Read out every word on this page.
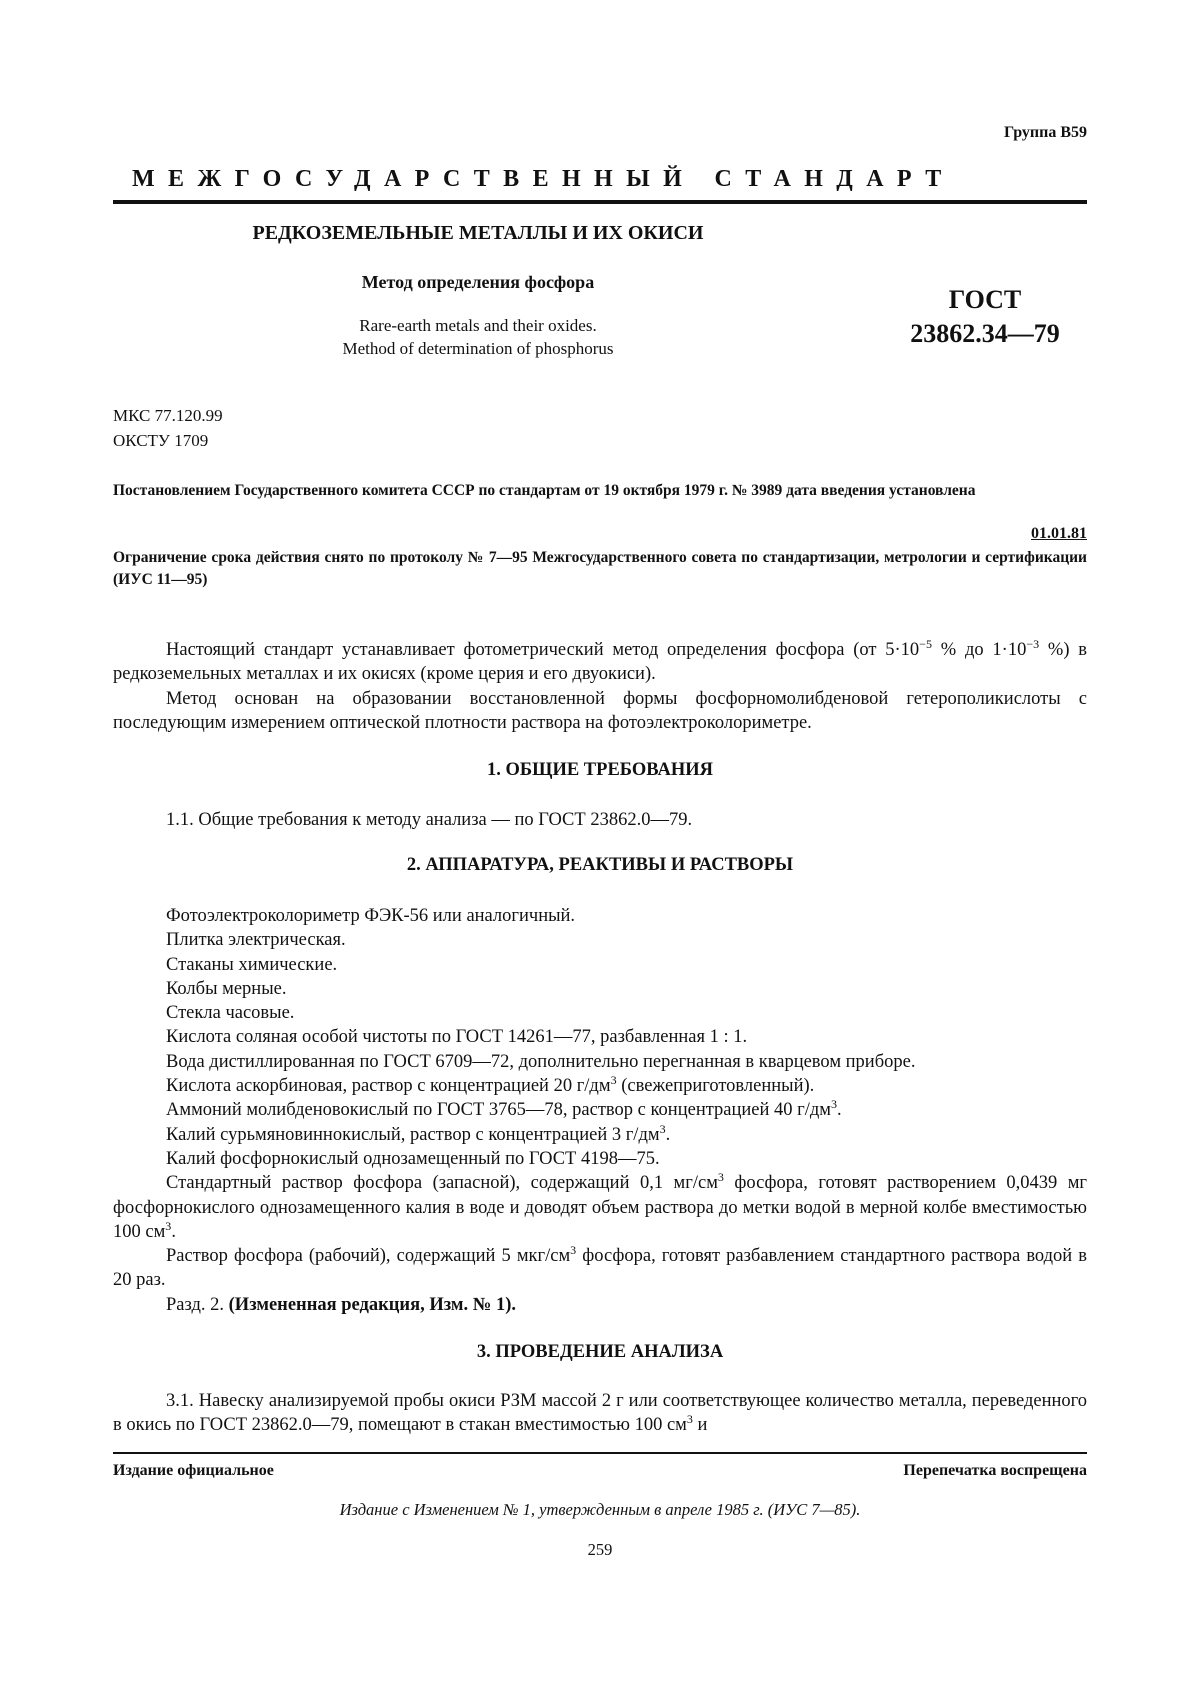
Группа В59
МЕЖГОСУДАРСТВЕННЫЙ СТАНДАРТ
РЕДКОЗЕМЕЛЬНЫЕ МЕТАЛЛЫ И ИХ ОКИСИ
Метод определения фосфора
Rare-earth metals and their oxides.
Method of determination of phosphorus
ГОСТ
23862.34—79
МКС 77.120.99
ОКСТУ 1709
Постановлением Государственного комитета СССР по стандартам от 19 октября 1979 г. № 3989 дата введения установлена
01.01.81
Ограничение срока действия снято по протоколу № 7—95 Межгосударственного совета по стандартизации, метрологии и сертификации (ИУС 11—95)

Настоящий стандарт устанавливает фотометрический метод определения фосфора (от $5\cdot 10^{-5}$ % до $1\cdot 10^{-3}$ %) в редкоземельных металлах и их окисях (кроме церия и его двуокиси).

Метод основан на образовании восстановленной формы фосфорномолибденовой гетерополикислоты с последующим измерением оптической плотности раствора на фотоэлектроколориметре.

1. ОБЩИЕ ТРЕБОВАНИЯ

1.1. Общие требования к методу анализа — по ГОСТ 23862.0—79.

2. АППАРАТУРА, РЕАКТИВЫ И РАСТВОРЫ
Фотоэлектроколориметр ФЭК-56 или аналогичный.
Плитка электрическая.
Стаканы химические.
Колбы мерные.
Стекла часовые.
Кислота соляная особой чистоты по ГОСТ 14261—77, разбавленная 1 : 1.
Вода дистиллированная по ГОСТ 6709—72, дополнительно перегнанная в кварцевом приборе.
Кислота аскорбиновая, раствор с концентрацией 20 $г/дм^3$ (свежеприготовленный).
Аммоний молибденовокислый по ГОСТ 3765—78, раствор с концентрацией 40 $г/дм^3$.
Калий сурьмяновиннокислый, раствор с концентрацией 3 $г/дм^3$.
Калий фосфорнокислый однозамещенный по ГОСТ 4198—75.

Стандартный раствор фосфора (запасной), содержащий 0,1 $мг/см^3$ фосфора, готовят растворением 0,0439 мг фосфорнокислого однозамещенного калия в воде и доводят объем раствора до метки водой в мерной колбе вместимостью 100 $см^3$.

Раствор фосфора (рабочий), содержащий 5 мкг/$см^3$ фосфора, готовят разбавлением стандартного раствора водой в 20 раз.

Разд. 2. (Измененная редакция, Изм. № 1).
3. ПРОВЕДЕНИЕ АНАЛИЗА

3.1. Навеску анализируемой пробы окиси РЗМ массой 2 г или соответствующее количество металла, переведенного в окись по ГОСТ 23862.0—79, помещают в стакан вместимостью 100 $см^3$ и

Издание официальное	Перепечатка воспрещена
Издание с Изменением № 1, утвержденным в апреле 1985 г. (ИУС 7—85).
259
